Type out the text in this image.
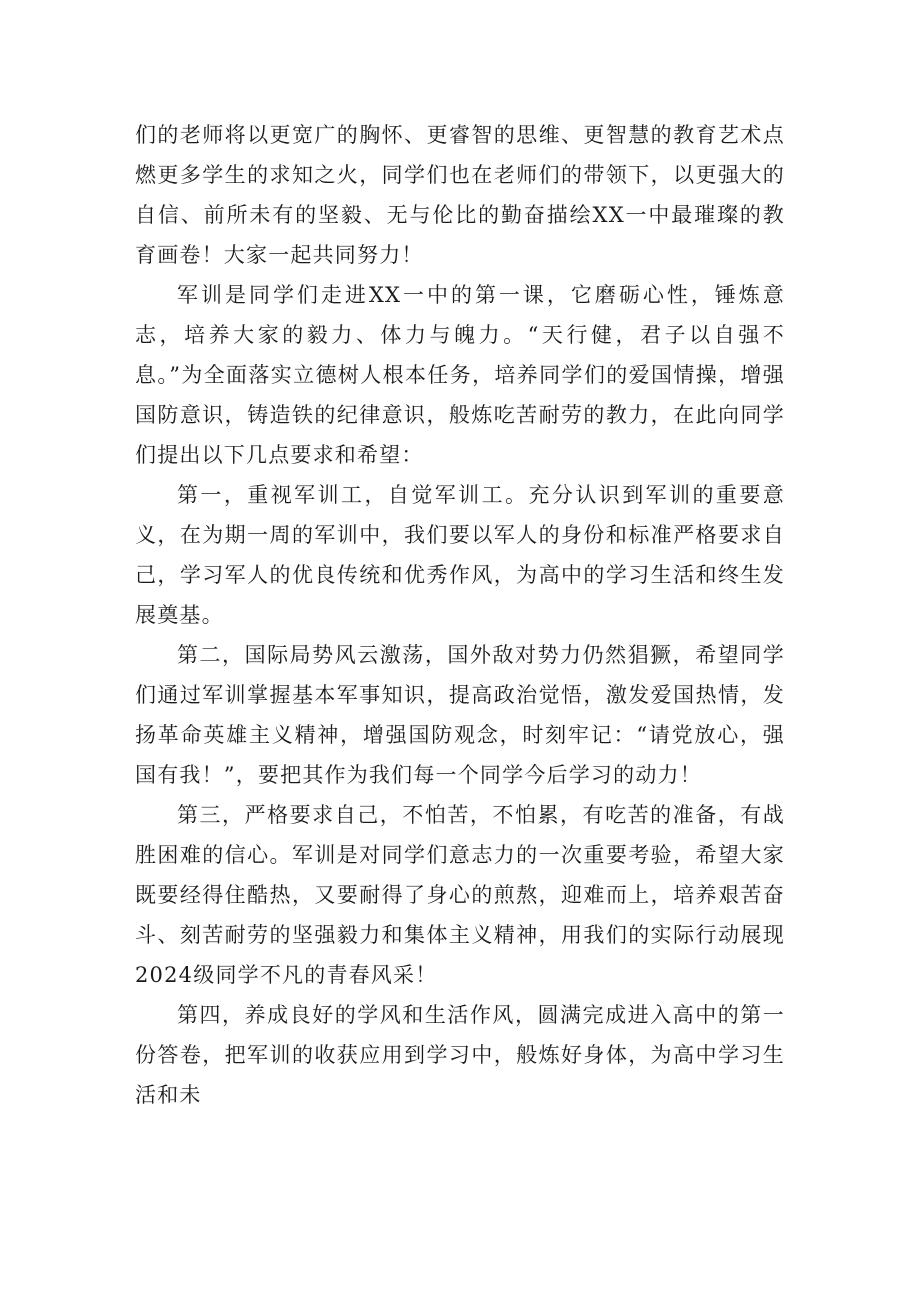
们的老师将以更宽广的胸怀、更睿智的思维、更智慧的教育艺术点燃更多学生的求知之火，同学们也在老师们的带领下，以更强大的自信、前所未有的坚毅、无与伦比的勤奋描绘XX一中最璀璨的教育画卷！大家一起共同努力！

军训是同学们走进XX一中的第一课，它磨砺心性，锤炼意志，培养大家的毅力、体力与魄力。“天行健，君子以自强不息。”为全面落实立德树人根本任务，培养同学们的爱国情操，增强国防意识，铸造铁的纪律意识，般炼吃苦耐劳的教力，在此向同学们提出以下几点要求和希望：

第一，重视军训工，自觉军训工。充分认识到军训的重要意义，在为期一周的军训中，我们要以军人的身份和标准严格要求自己，学习军人的优良传统和优秀作风，为高中的学习生活和终生发展奠基。

第二，国际局势风云激荡，国外敌对势力仍然猖獗，希望同学们通过军训掌握基本军事知识，提高政治觉悟，激发爱国热情，发扬革命英雄主义精神，增强国防观念，时刻牢记：“请党放心，强国有我！”，要把其作为我们每一个同学今后学习的动力！

第三，严格要求自己，不怕苦，不怕累，有吃苦的准备，有战胜困难的信心。军训是对同学们意志力的一次重要考验，希望大家既要经得住酷热，又要耐得了身心的煎熬，迎难而上，培养艰苦奋斗、刻苦耐劳的坚强毅力和集体主义精神，用我们的实际行动展现2024级同学不凡的青春风采！

第四，养成良好的学风和生活作风，圆满完成进入高中的第一份答卷，把军训的收获应用到学习中，般炼好身体，为高中学习生活和未
